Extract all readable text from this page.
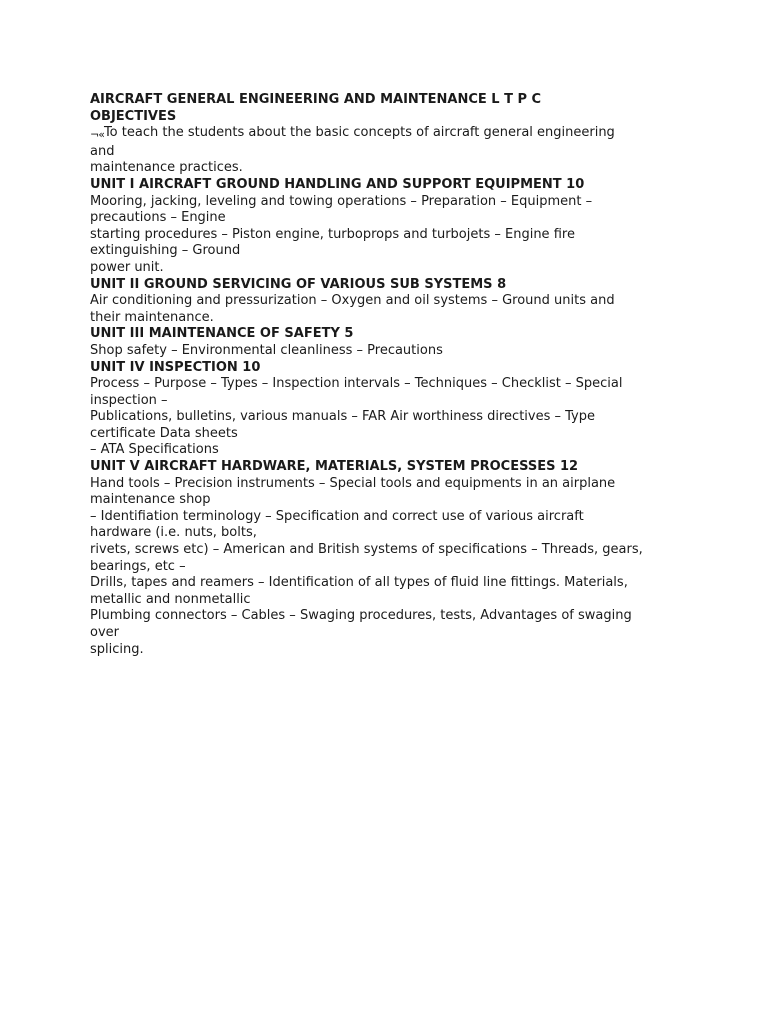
AIRCRAFT GENERAL ENGINEERING AND MAINTENANCE L T P C
OBJECTIVES
¬«To teach the students about the basic concepts of aircraft general engineering
and
maintenance practices.
UNIT I AIRCRAFT GROUND HANDLING AND SUPPORT EQUIPMENT 10
Mooring, jacking, leveling and towing operations – Preparation – Equipment –
precautions – Engine
starting procedures – Piston engine, turboprops and turbojets – Engine fire
extinguishing – Ground
power unit.
UNIT II GROUND SERVICING OF VARIOUS SUB SYSTEMS 8
Air conditioning and pressurization – Oxygen and oil systems – Ground units and
their maintenance.
UNIT III MAINTENANCE OF SAFETY 5
Shop safety – Environmental cleanliness – Precautions
UNIT IV INSPECTION 10
Process – Purpose – Types – Inspection intervals – Techniques – Checklist – Special
inspection –
Publications, bulletins, various manuals – FAR Air worthiness directives – Type
certificate Data sheets
– ATA Specifications
UNIT V AIRCRAFT HARDWARE, MATERIALS, SYSTEM PROCESSES 12
Hand tools – Precision instruments – Special tools and equipments in an airplane
maintenance shop
– Identifiation terminology – Specification and correct use of various aircraft
hardware (i.e. nuts, bolts,
rivets, screws etc) – American and British systems of specifications – Threads, gears,
bearings, etc –
Drills, tapes and reamers – Identification of all types of fluid line fittings. Materials,
metallic and nonmetallic
Plumbing connectors – Cables – Swaging procedures, tests, Advantages of swaging
over
splicing.
